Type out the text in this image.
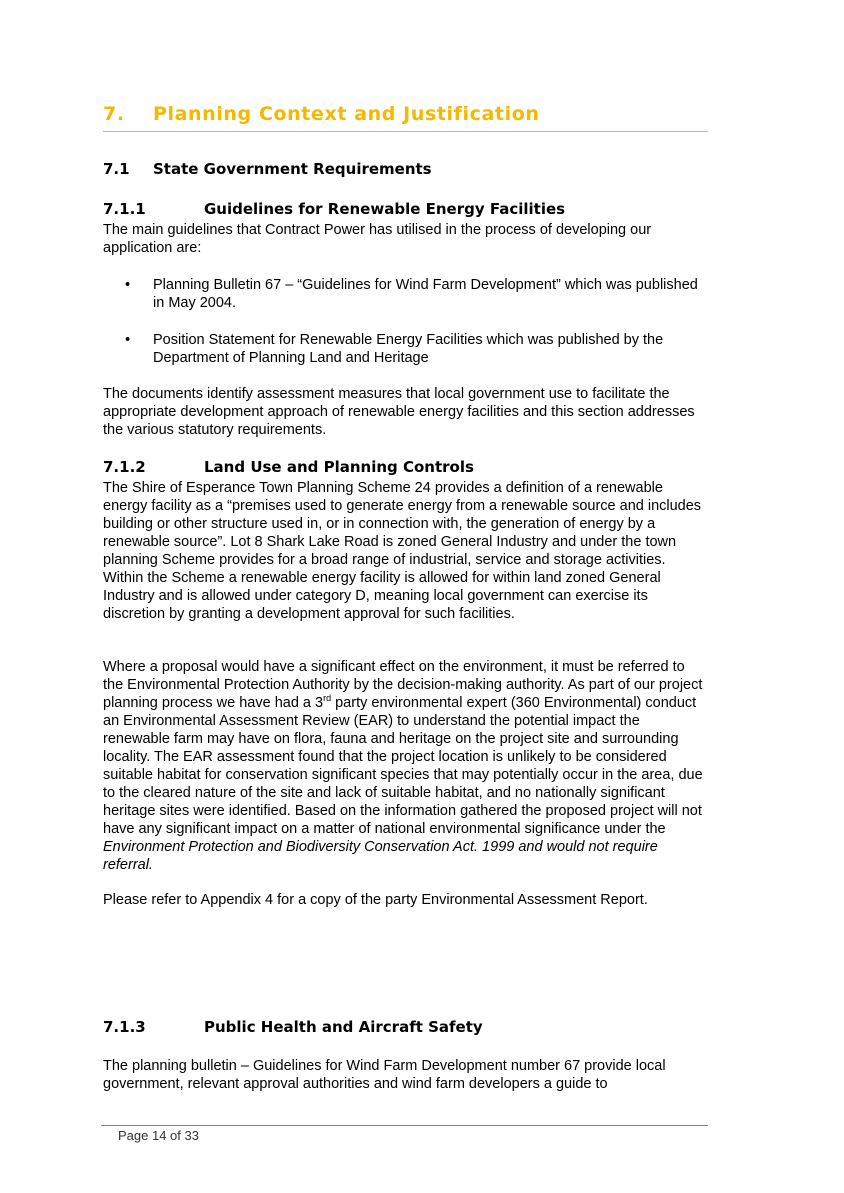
7. Planning Context and Justification
7.1 State Government Requirements
7.1.1	Guidelines for Renewable Energy Facilities

The main guidelines that Contract Power has utilised in the process of developing our application are:

• Planning Bulletin 67 – “Guidelines for Wind Farm Development” which was published in May 2004.
• Position Statement for Renewable Energy Facilities which was published by the Department of Planning Land and Heritage

The documents identify assessment measures that local government use to facilitate the appropriate development approach of renewable energy facilities and this section addresses the various statutory requirements.

7.1.2	Land Use and Planning Controls

The Shire of Esperance Town Planning Scheme 24 provides a definition of a renewable energy facility as a “premises used to generate energy from a renewable source and includes building or other structure used in, or in connection with, the generation of energy by a renewable source”. Lot 8 Shark Lake Road is zoned General Industry and under the town planning Scheme provides for a broad range of industrial, service and storage activities. Within the Scheme a renewable energy facility is allowed for within land zoned General Industry and is allowed under category D, meaning local government can exercise its discretion by granting a development approval for such facilities.

Where a proposal would have a significant effect on the environment, it must be referred to the Environmental Protection Authority by the decision-making authority. As part of our project planning process we have had a 3rd party environmental expert (360 Environmental) conduct an Environmental Assessment Review (EAR) to understand the potential impact the renewable farm may have on flora, fauna and heritage on the project site and surrounding locality. The EAR assessment found that the project location is unlikely to be considered suitable habitat for conservation significant species that may potentially occur in the area, due to the cleared nature of the site and lack of suitable habitat, and no nationally significant heritage sites were identified. Based on the information gathered the proposed project will not have any significant impact on a matter of national environmental significance under the Environment Protection and Biodiversity Conservation Act. 1999 and would not require referral.

Please refer to Appendix 4 for a copy of the party Environmental Assessment Report.

7.1.3	Public Health and Aircraft Safety

The planning bulletin – Guidelines for Wind Farm Development number 67 provide local government, relevant approval authorities and wind farm developers a guide to

Page 14 of 33
